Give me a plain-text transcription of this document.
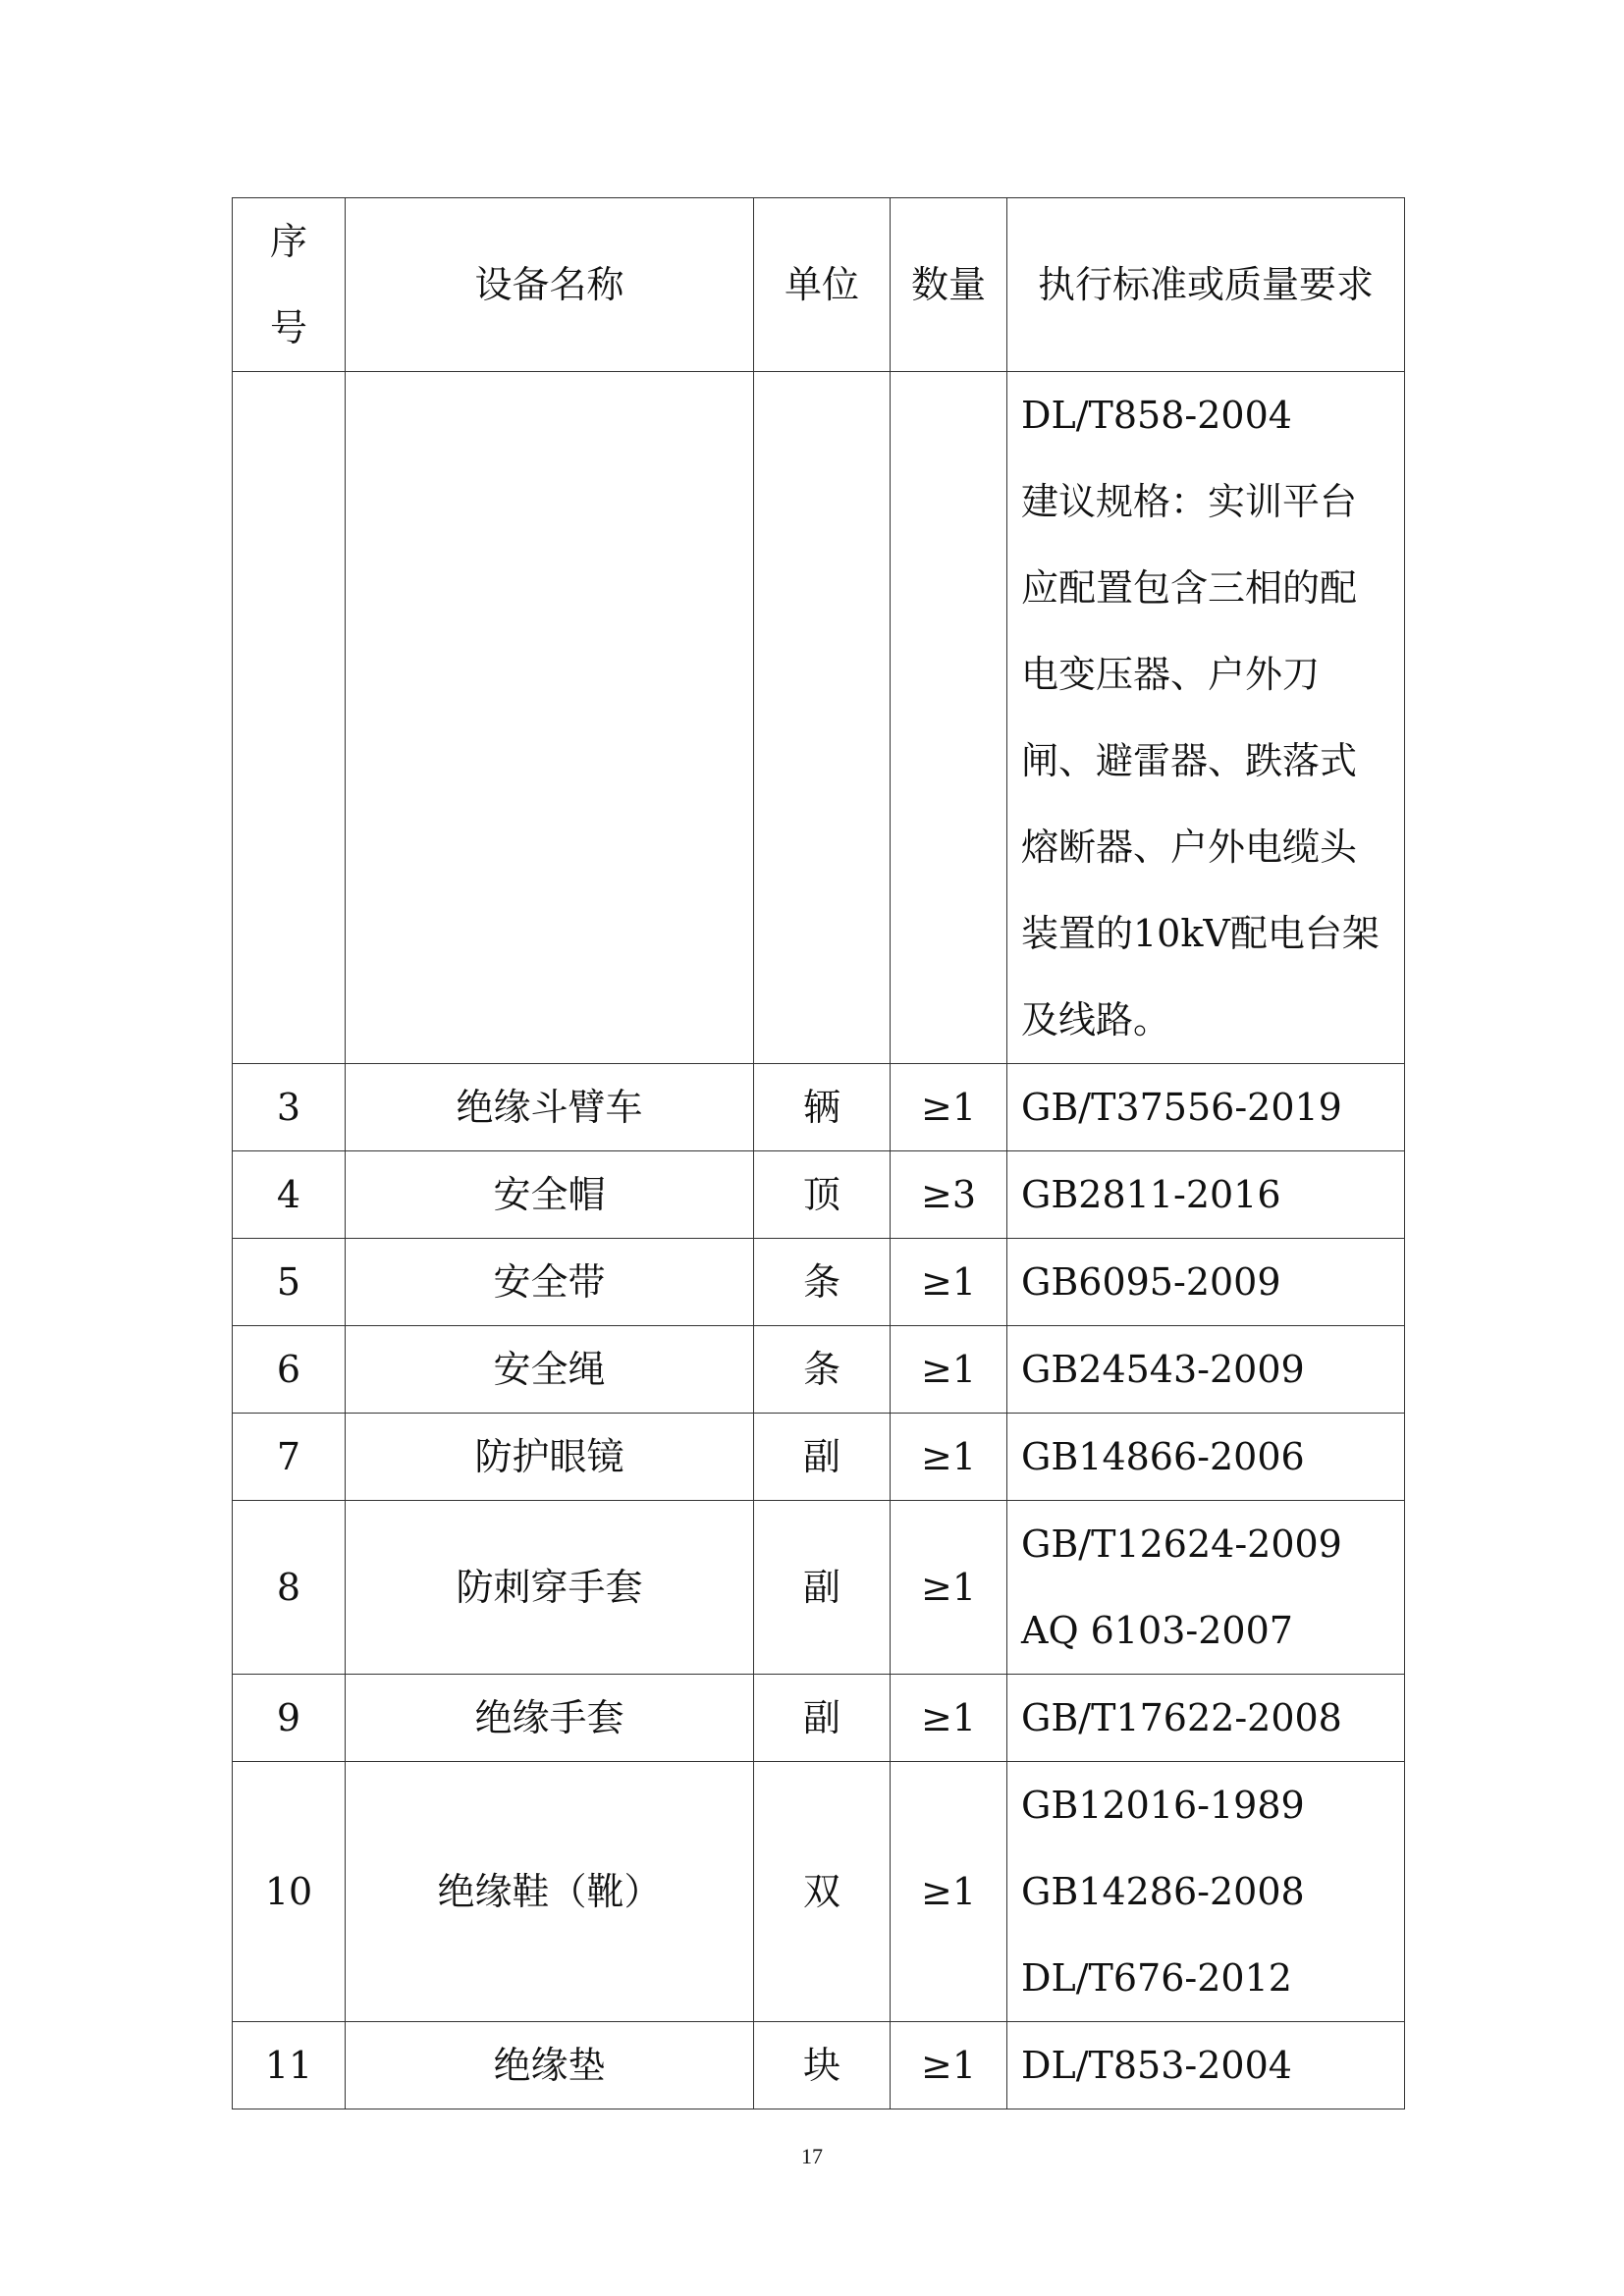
序号	设备名称	单位	数量	执行标准或质量要求
				DL/T858-2004
建议规格：实训平台应配置包含三相的配电变压器、户外刀闸、避雷器、跌落式熔断器、户外电缆头装置的10kV配电台架及线路。
3	绝缘斗臂车	辆	≥1	GB/T37556-2019
4	安全帽	顶	≥3	GB2811-2016
5	安全带	条	≥1	GB6095-2009
6	安全绳	条	≥1	GB24543-2009
7	防护眼镜	副	≥1	GB14866-2006
8	防刺穿手套	副	≥1	GB/T12624-2009
AQ 6103-2007
9	绝缘手套	副	≥1	GB/T17622-2008
10	绝缘鞋（靴）	双	≥1	GB12016-1989
GB14286-2008
DL/T676-2012
11	绝缘垫	块	≥1	DL/T853-2004
17
